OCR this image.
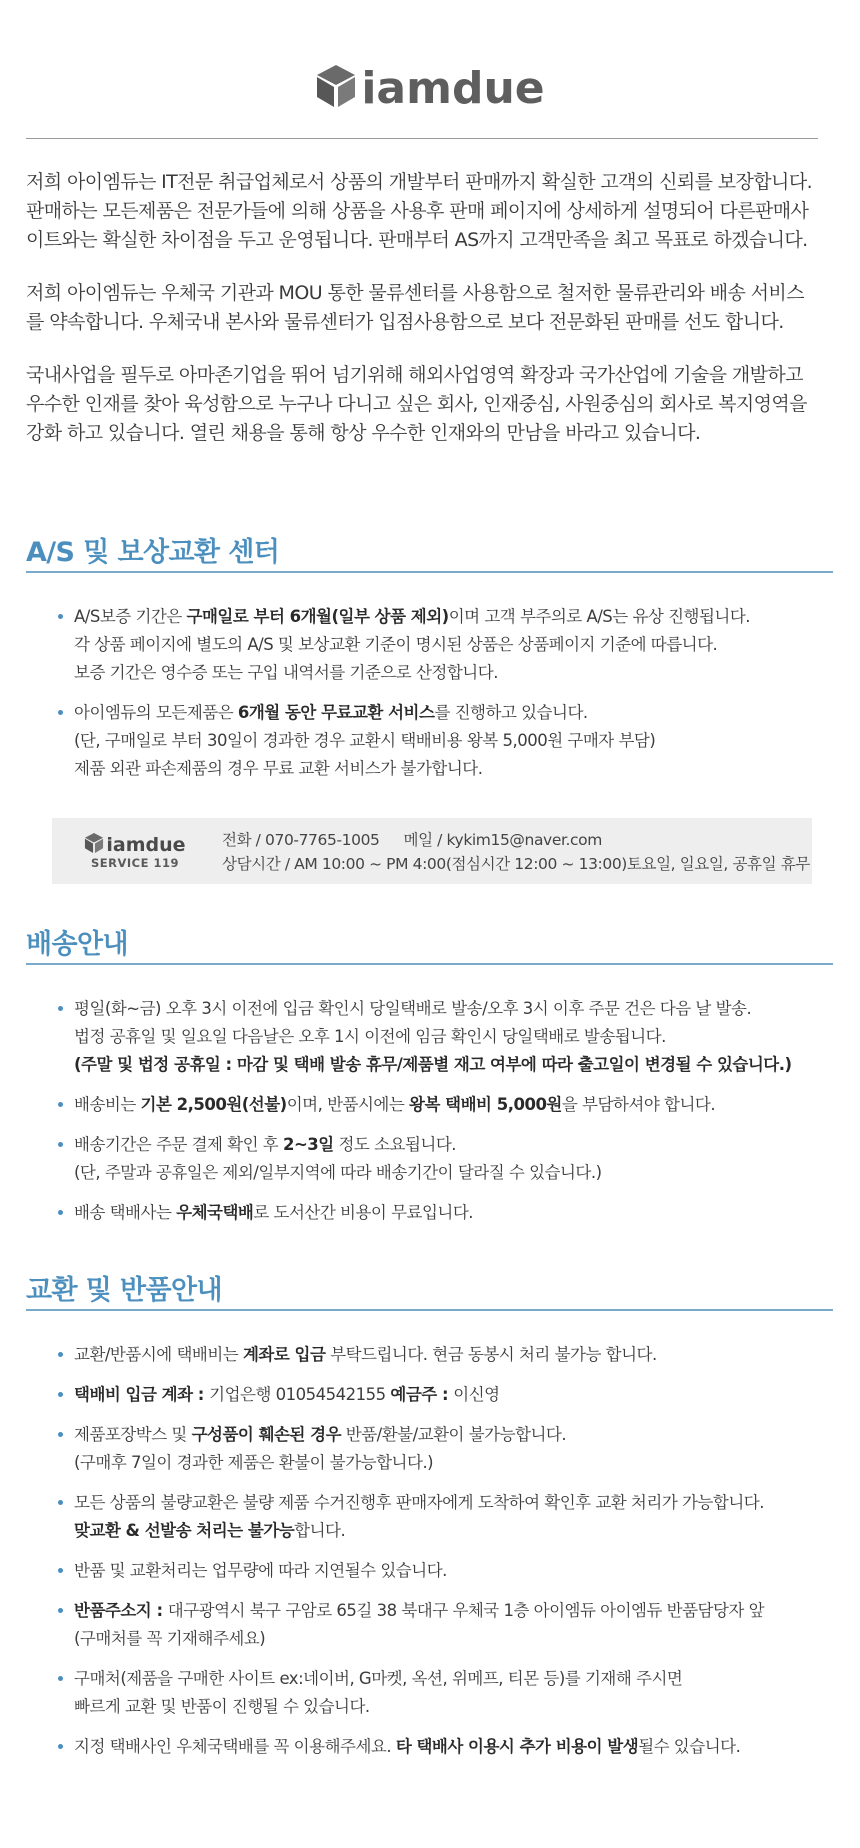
iamdue

저희 아이엠듀는 IT전문 취급업체로서 상품의 개발부터 판매까지 확실한 고객의 신뢰를 보장합니다.
판매하는 모든제품은 전문가들에 의해 상품을 사용후 판매 페이지에 상세하게 설명되어 다른판매사
이트와는 확실한 차이점을 두고 운영됩니다. 판매부터 AS까지 고객만족을 최고 목표로 하겠습니다.

저희 아이엠듀는 우체국 기관과 MOU 통한 물류센터를 사용함으로 철저한 물류관리와 배송 서비스
를 약속합니다. 우체국내 본사와 물류센터가 입점사용함으로 보다 전문화된 판매를 선도 합니다.

국내사업을 필두로 아마존기업을 뛰어 넘기위해 해외사업영역 확장과 국가산업에 기술을 개발하고
우수한 인재를 찾아 육성함으로 누구나 다니고 싶은 회사, 인재중심, 사원중심의 회사로 복지영역을
강화 하고 있습니다. 열린 채용을 통해 항상 우수한 인재와의 만남을 바라고 있습니다.

A/S 및 보상교환 센터
A/S보증 기간은 구매일로 부터 6개월(일부 상품 제외)이며 고객 부주의로 A/S는 유상 진행됩니다.
각 상품 페이지에 별도의 A/S 및 보상교환 기준이 명시된 상품은 상품페이지 기준에 따릅니다.
보증 기간은 영수증 또는 구입 내역서를 기준으로 산정합니다.
아이엠듀의 모든제품은 6개월 동안 무료교환 서비스를 진행하고 있습니다.
(단, 구매일로 부터 30일이 경과한 경우 교환시 택배비용 왕복 5,000원 구매자 부담)
제품 외관 파손제품의 경우 무료 교환 서비스가 불가합니다.
iamdue
SERVICE 119
전화 / 070-7765-1005 메일 / kykim15@naver.com
상담시간 / AM 10:00 ~ PM 4:00(점심시간 12:00 ~ 13:00)토요일, 일요일, 공휴일 휴무
배송안내
평일(화~금) 오후 3시 이전에 입금 확인시 당일택배로 발송/오후 3시 이후 주문 건은 다음 날 발송.
법정 공휴일 및 일요일 다음날은 오후 1시 이전에 임금 확인시 당일택배로 발송됩니다.
(주말 및 법정 공휴일 : 마감 및 택배 발송 휴무/제품별 재고 여부에 따라 출고일이 변경될 수 있습니다.)
배송비는 기본 2,500원(선불)이며, 반품시에는 왕복 택배비 5,000원을 부담하셔야 합니다.
배송기간은 주문 결제 확인 후 2~3일 정도 소요됩니다.
(단, 주말과 공휴일은 제외/일부지역에 따라 배송기간이 달라질 수 있습니다.)
배송 택배사는 우체국택배로 도서산간 비용이 무료입니다.
교환 및 반품안내
교환/반품시에 택배비는 계좌로 입금 부탁드립니다. 현금 동봉시 처리 불가능 합니다.
택배비 입금 계좌 : 기업은행 01054542155 예금주 : 이신영
제품포장박스 및 구성품이 훼손된 경우 반품/환불/교환이 불가능합니다.
(구매후 7일이 경과한 제품은 환불이 불가능합니다.)
모든 상품의 불량교환은 불량 제품 수거진행후 판매자에게 도착하여 확인후 교환 처리가 가능합니다.
맞교환 & 선발송 처리는 불가능합니다.
반품 및 교환처리는 업무량에 따라 지연될수 있습니다.
반품주소지 : 대구광역시 북구 구암로 65길 38 북대구 우체국 1층 아이엠듀 아이엠듀 반품담당자 앞
(구매처를 꼭 기재해주세요)
구매처(제품을 구매한 사이트 ex:네이버, G마켓, 옥션, 위메프, 티몬 등)를 기재해 주시면
빠르게 교환 및 반품이 진행될 수 있습니다.
지정 택배사인 우체국택배를 꼭 이용해주세요. 타 택배사 이용시 추가 비용이 발생될수 있습니다.
